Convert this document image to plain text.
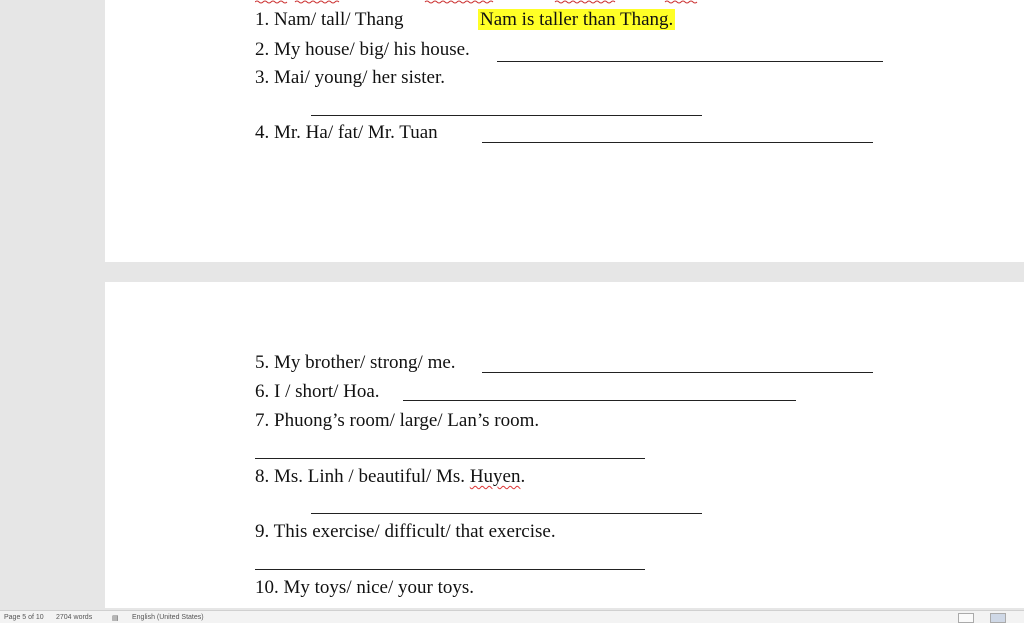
1. Nam/ tall/ Thang	Nam is taller than Thang.
2. My house/ big/ his house.
3. Mai/ young/ her sister.
4. Mr. Ha/ fat/ Mr. Tuan
5. My brother/ strong/ me.
6. I / short/ Hoa.
7. Phuong’s room/ large/ Lan’s room.
8. Ms. Linh / beautiful/ Ms. Huyen.
9. This exercise/ difficult/ that exercise.
10. My toys/ nice/ your toys.
Page 5 of 10 2704 words	▤ English (United States)
